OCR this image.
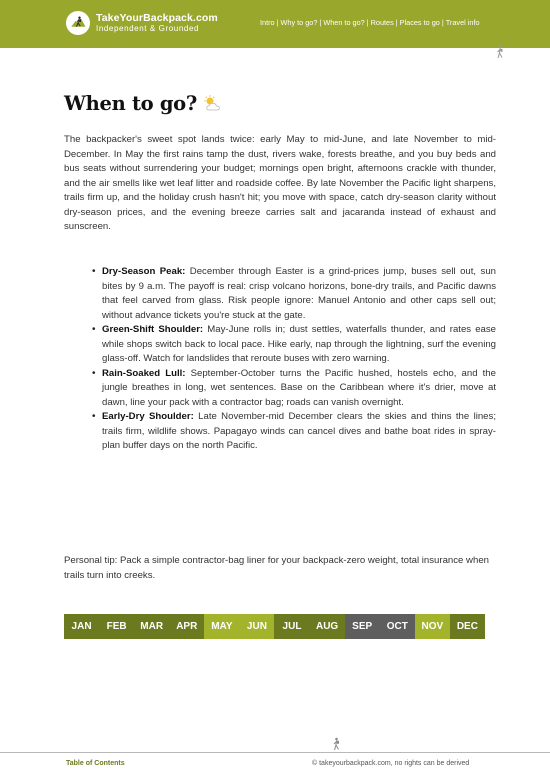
TakeYourBackpack.com
Independent & Grounded
Intro | Why to go? | When to go? | Routes | Places to go | Travel info
When to go?

The backpacker's sweet spot lands twice: early May to mid-June, and late November to mid-December. In May the first rains tamp the dust, rivers wake, forests breathe, and you buy beds and bus seats without surrendering your budget; mornings open bright, afternoons crackle with thunder, and the air smells like wet leaf litter and roadside coffee. By late November the Pacific light sharpens, trails firm up, and the holiday crush hasn't hit; you move with space, catch dry-season clarity without dry-season prices, and the evening breeze carries salt and jacaranda instead of exhaust and sunscreen.

• Dry-Season Peak: December through Easter is a grind-prices jump, buses sell out, sun bites by 9 a.m. The payoff is real: crisp volcano horizons, bone-dry trails, and Pacific dawns that feel carved from glass. Risk people ignore: Manuel Antonio and other caps sell out; without advance tickets you're stuck at the gate.
• Green-Shift Shoulder: May-June rolls in; dust settles, waterfalls thunder, and rates ease while shops switch back to local pace. Hike early, nap through the lightning, surf the evening glass-off. Watch for landslides that reroute buses with zero warning.
• Rain-Soaked Lull: September-October turns the Pacific hushed, hostels echo, and the jungle breathes in long, wet sentences. Base on the Caribbean where it's drier, move at dawn, line your pack with a contractor bag; roads can vanish overnight.
• Early-Dry Shoulder: Late November-mid December clears the skies and thins the lines; trails firm, wildlife shows. Papagayo winds can cancel dives and bathe boat rides in spray-plan buffer days on the north Pacific.

Personal tip: Pack a simple contractor-bag liner for your backpack-zero weight, total insurance when trails turn into creeks.

JAN	FEB	MAR	APR	MAY	JUN	JUL	AUG	SEP	OCT	NOV	DEC
Table of Contents	© takeyourbackpack.com, no rights can be derived
